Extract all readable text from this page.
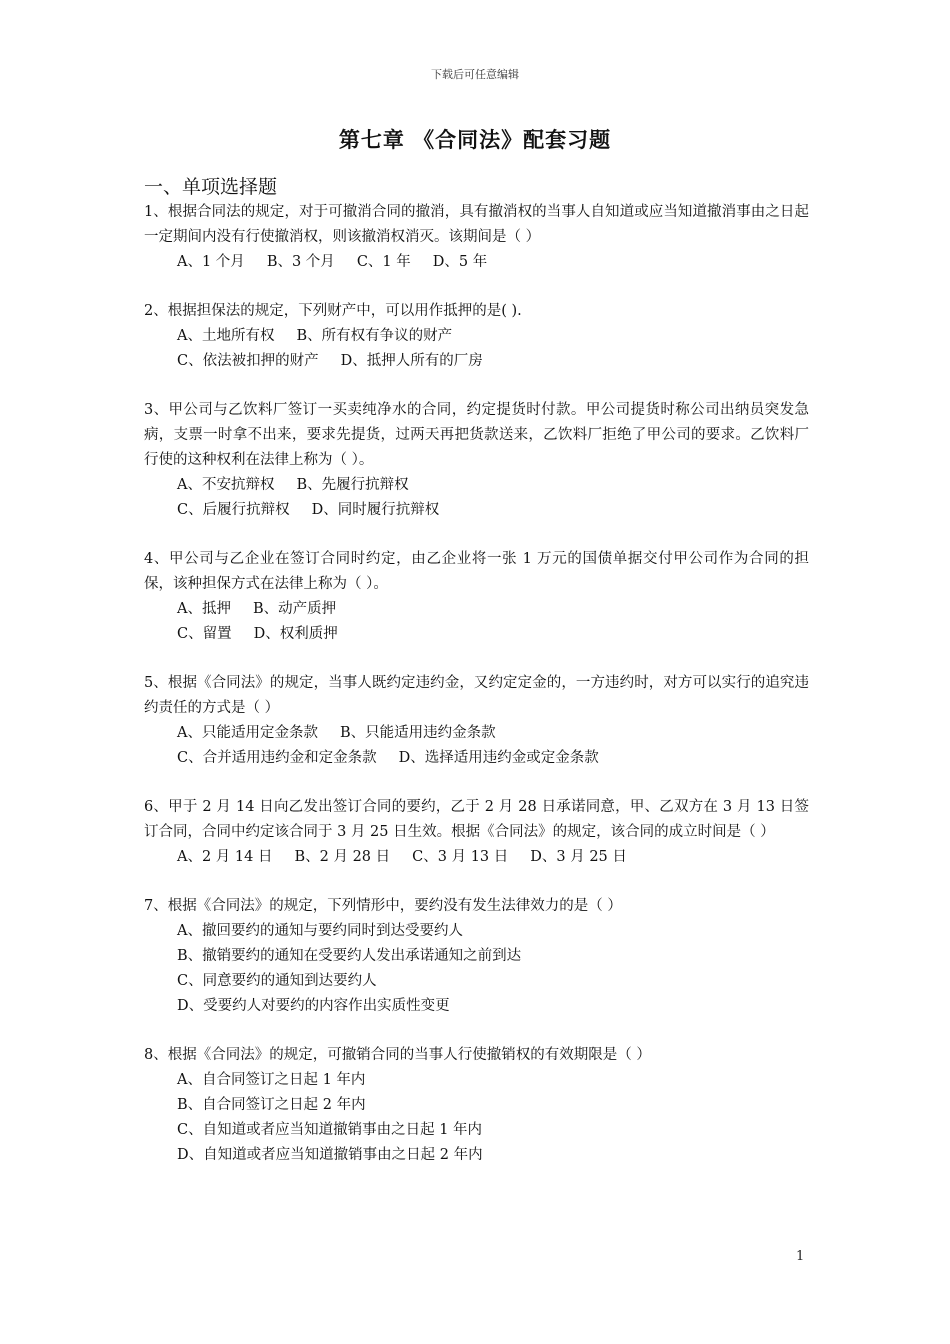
下载后可任意编辑
第七章 《合同法》配套习题
一、单项选择题
1、根据合同法的规定，对于可撤消合同的撤消，具有撤消权的当事人自知道或应当知道撤消事由之日起一定期间内没有行使撤消权，则该撤消权消灭。该期间是（ ）
A、1 个月 B、3 个月 C、1 年 D、5 年
2、根据担保法的规定，下列财产中，可以用作抵押的是( ).
A、土地所有权 B、所有权有争议的财产
C、依法被扣押的财产 D、抵押人所有的厂房
3、甲公司与乙饮料厂签订一买卖纯净水的合同，约定提货时付款。甲公司提货时称公司出纳员突发急病，支票一时拿不出来，要求先提货，过两天再把货款送来，乙饮料厂拒绝了甲公司的要求。乙饮料厂行使的这种权利在法律上称为（ ）。
A、不安抗辩权 B、先履行抗辩权
C、后履行抗辩权 D、同时履行抗辩权
4、甲公司与乙企业在签订合同时约定，由乙企业将一张 1 万元的国债单据交付甲公司作为合同的担保，该种担保方式在法律上称为（ ）。
A、抵押 B、动产质押
C、留置 D、权利质押
5、根据《合同法》的规定，当事人既约定违约金，又约定定金的，一方违约时，对方可以实行的追究违约责任的方式是（ ）
A、只能适用定金条款 B、只能适用违约金条款
C、合并适用违约金和定金条款 D、选择适用违约金或定金条款
6、甲于 2 月 14 日向乙发出签订合同的要约，乙于 2 月 28 日承诺同意，甲、乙双方在 3 月 13 日签订合同，合同中约定该合同于 3 月 25 日生效。根据《合同法》的规定，该合同的成立时间是（ ）
A、2 月 14 日 B、2 月 28 日 C、3 月 13 日 D、3 月 25 日
7、根据《合同法》的规定，下列情形中，要约没有发生法律效力的是（ ）
A、撤回要约的通知与要约同时到达受要约人
B、撤销要约的通知在受要约人发出承诺通知之前到达
C、同意要约的通知到达要约人
D、受要约人对要约的内容作出实质性变更
8、根据《合同法》的规定，可撤销合同的当事人行使撤销权的有效期限是（ ）
A、自合同签订之日起 1 年内
B、自合同签订之日起 2 年内
C、自知道或者应当知道撤销事由之日起 1 年内
D、自知道或者应当知道撤销事由之日起 2 年内
1
